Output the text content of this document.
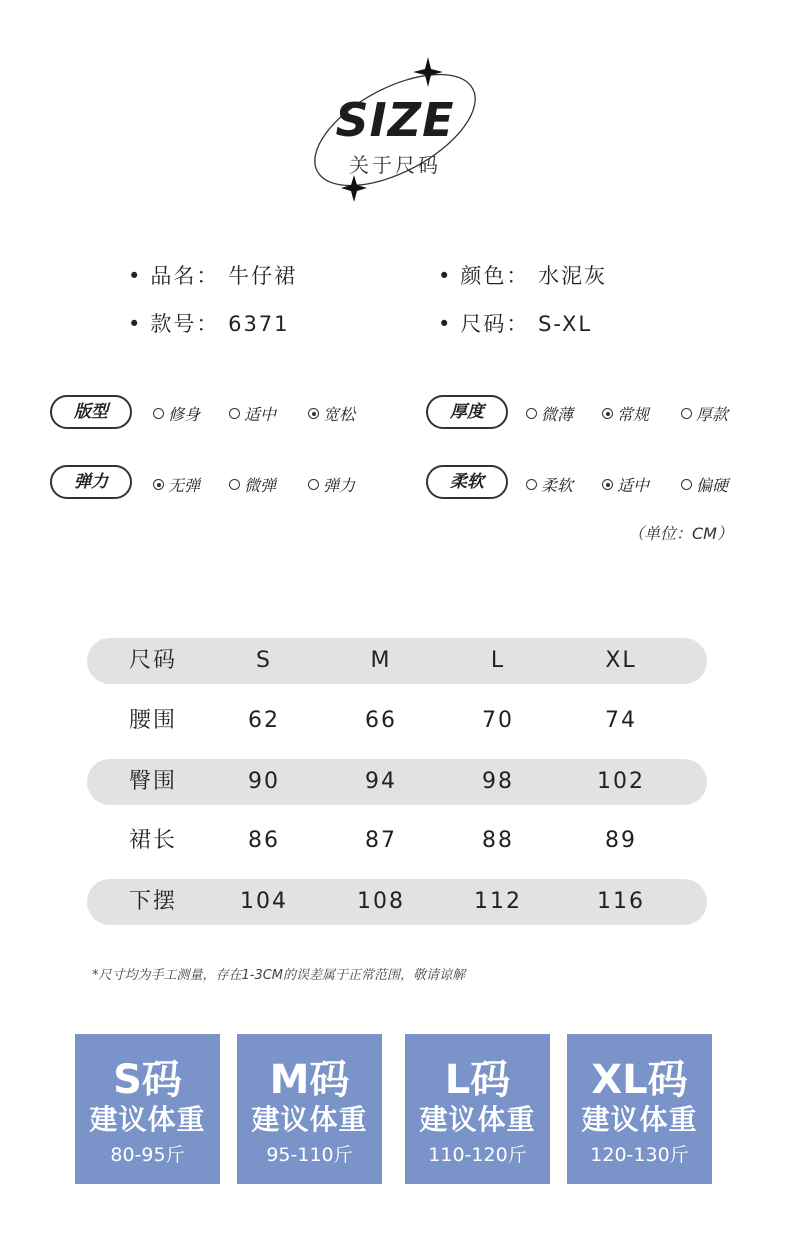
SIZE
关于尺码
• 品名： 牛仔裙	• 颜色： 水泥灰
• 款号： 6371	• 尺码： S-XL
版型	修身	适中	宽松	厚度	微薄	常规	厚款
弹力	无弹	微弹	弹力	柔软	柔软	适中	偏硬
（单位：CM）
尺码	S	M	L	XL
腰围	62	66	70	74
臀围	90	94	98	102
裙长	86	87	88	89
下摆	104	108	112	116
*尺寸均为手工测量，存在1-3CM的误差属于正常范围，敬请谅解
S码
建议体重
80-95斤
M码
建议体重
95-110斤
L码
建议体重
110-120斤
XL码
建议体重
120-130斤
